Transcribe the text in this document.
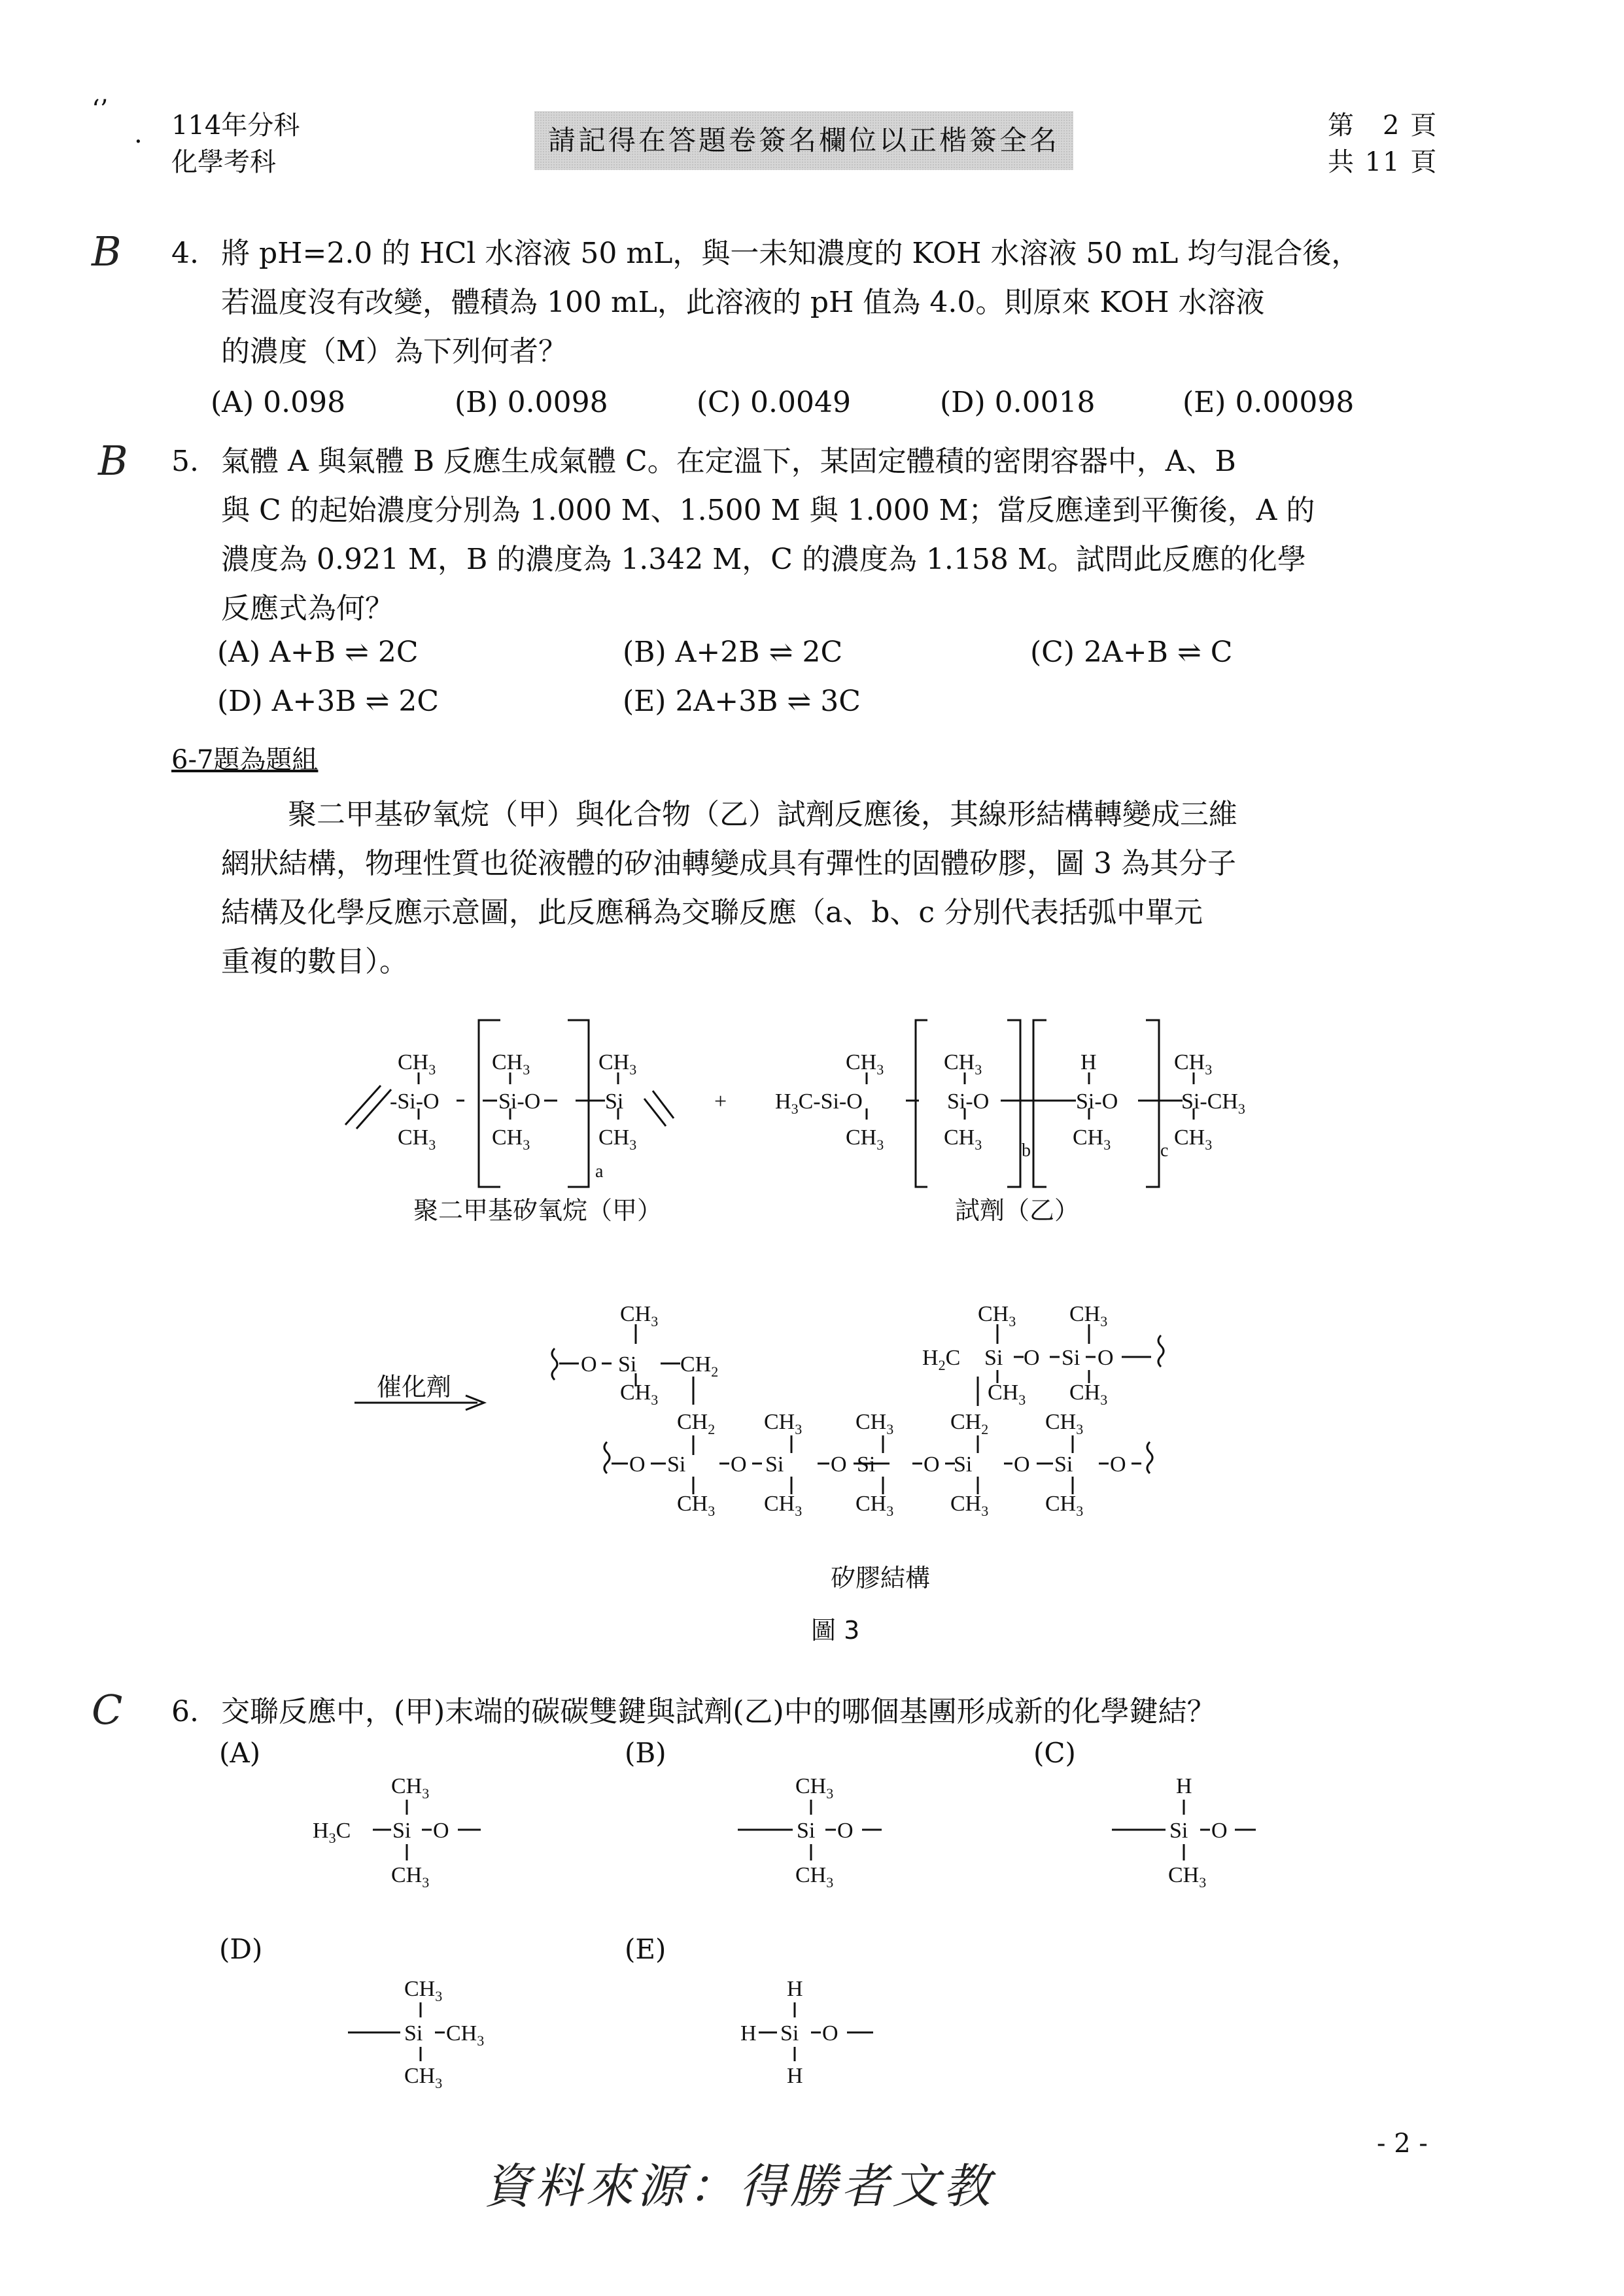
‘’
. 114年分科
化學考科
請記得在答題卷簽名欄位以正楷簽全名	第　2 頁
共 11 頁
B 4. 將 pH=2.0 的 HCl 水溶液 50 mL，與一未知濃度的 KOH 水溶液 50 mL 均勻混合後，
若溫度沒有改變，體積為 100 mL，此溶液的 pH 值為 4.0。則原來 KOH 水溶液
的濃度（M）為下列何者？
(A) 0.098	(B) 0.0098	(C) 0.0049	(D) 0.0018	(E) 0.00098
B 5. 氣體 A 與氣體 B 反應生成氣體 C。在定溫下，某固定體積的密閉容器中，A、B
與 C 的起始濃度分別為 1.000 M、1.500 M 與 1.000 M；當反應達到平衡後，A 的
濃度為 0.921 M，B 的濃度為 1.342 M，C 的濃度為 1.158 M。試問此反應的化學
反應式為何？
(A) A+B ⇌ 2C	(B) A+2B ⇌ 2C	(C) 2A+B ⇌ C
(D) A+3B ⇌ 2C	(E) 2A+3B ⇌ 3C
6-7題為題組
聚二甲基矽氧烷（甲）與化合物（乙）試劑反應後，其線形結構轉變成三維
網狀結構，物理性質也從液體的矽油轉變成具有彈性的固體矽膠，圖 3 為其分子
結構及化學反應示意圖，此反應稱為交聯反應（a、b、c 分別代表括弧中單元
重複的數目）。
$CH_3$
-Si-O
$CH_3$
$CH_3$
Si-O
$CH_3$
a
$CH_3$
Si
$CH_3$
+
$CH_3$
$H_3C-Si-O$
$CH_3$
$CH_3$
Si-O
$CH_3$ b
H
Si-O
$CH_3$	c
$CH_3$
$Si-CH_3$
$CH_3$
$CH_3$
O Si $CH_2$
$CH_3$
$CH_2$ $CH_3$ $CH_3$	$CH_2$	$CH_3$
O Si O Si O Si O Si O Si O
$CH_3$ $CH_3$ $CH_3$	$CH_3$	$CH_3$
$CH_3$ $CH_3$
$H_2C$ Si O Si O
$CH_3$ $CH_3$
聚二甲基矽氧烷（甲）	試劑（乙）
催化劑
矽膠結構
圖 3
C 6. 交聯反應中，(甲)末端的碳碳雙鍵與試劑(乙)中的哪個基團形成新的化學鍵結？
(A)	(B)	(C)
(D)	(E)
$CH_3$
$H_3C$ Si O
$CH_3$
$CH_3$
Si O
$CH_3$
H
Si O
$CH_3$
$CH_3$
Si $CH_3$
$CH_3$
H
H Si O
H
資料來源：得勝者文教
- 2 -
